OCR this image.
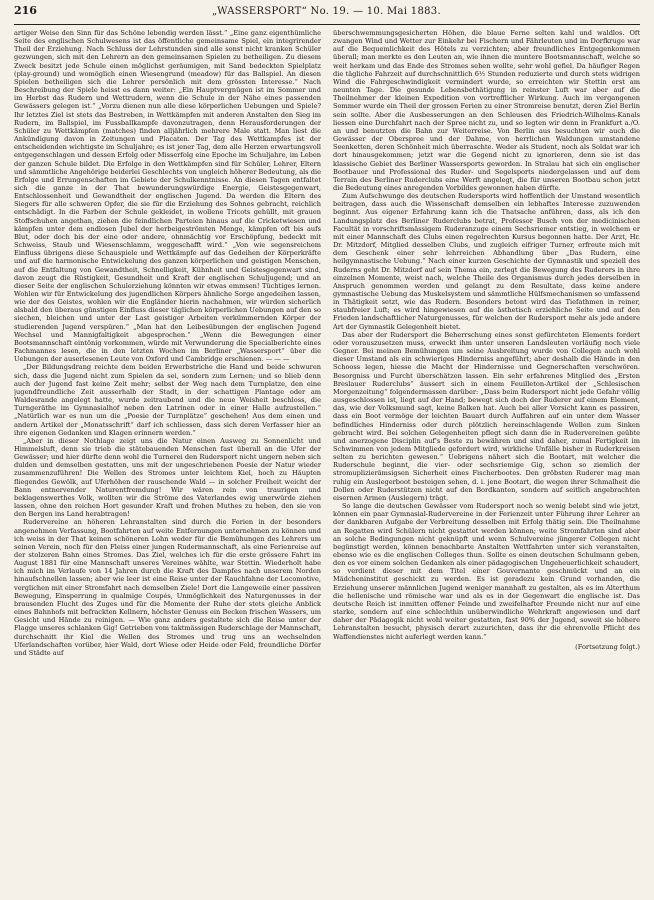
216	„WASSERSPORT“ No. 19. — 10. Mai 1883.

artiger Weise den Sinn für das Schöne lebendig werden lässt.“ „Eine ganz eigenthümliche Seite des englischen Schulwesens ist das öffentliche gemeinsame Spiel, ein integrirender Theil der Erziehung. Nach Schluss der Lehrstunden sind alle sonst nicht kranken Schüler gezwungen, sich mit den Lehrern an den gemeinsamen Spielen zu betheiligen. Zu diesem Zweck besitzt jede Schule einen möglichst geräumigen, mit Sand bedeckten Spielplatz (play-ground) und womöglich einen Wiesengrund (meadow) für das Ballspiel. An diesen Spielen betheiligen sich die Lehrer persönlich mit dem grössten Interesse.“ Nach Beschreibung der Spiele heisst es dann weiter: „Ein Hauptvergnügen ist im Sommer und im Herbst das Rudern und Wettrudern, wenn die Schule in der Nähe eines passenden Gewässers gelegen ist.“ „Vorzu dienen nun alle diese körperlichen Uebungen und Spiele? Ihr letztes Ziel ist stets das Bestreben, in Wettkämpfen mit anderen Anstalten den Sieg im Rudern, im Ballspiel, im Fussballkampfe davonzutragen, denn Herausforderungen der Schüler zu Wettkämpfen (matches) finden alljährlich mehrere Male statt. Man liest die Ankündigung davon in Zeitungen und Placaten. Der Tag des Wettkampfes ist der entscheidenden wichtigste im Schuljahre; es ist jener Tag, dem alle Herzen erwartungsvoll entgegenschlagen und dessen Erfolg oder Misserfolg eine Epoche im Schuljahre, im Leben der ganzen Schule bildet. Die Erfolge in den Wettkämpfen sind für Schüler, Lehrer, Eltern und sämmtliche Angehörige beiderlei Geschlechts von ungleich höherer Bedeutung, als die Erfolge und Errungenschaften im Gebiete der Schulkenntnisse. An diesen Tagen entfaltet sich die ganze in der That bewunderungswürdige Energie, Geistesgegenwart, Entschlossenheit und Gewandtheit der englischen Jugend. Da werden die Eltern des Siegers für alle schweren Opfer, die sie für die Erziehung des Sohnes gebracht, reichlich entschädigt. In die Farben der Schule gekleidet, in wollene Tricots gehüllt, mit grauen Stoffschuhen angethan, ziehen die feindlichen Parteien hinaus auf die Cricketwiesen und kämpfen unter dem endlosen Jubel der herbeigeströmten Menge, kämpfen oft bis aufs Blut, oder doch bis der eine oder andere, ohnmächtig vor Erschöpfung, bedeckt mit Schweiss, Staub und Wiesenschlamm, weggeschafft wird.“ „Von wie segensreichem Einfluss übrigens diese Schauspiele und Wettkämpfe auf das Gedeihen der Körperkräfte und auf die harmonische Entwickelung des ganzen körperlichen und geistigen Menschen, auf die Entfaltung von Gewandtheit, Schnelligkeit, Kühnheit und Geistesgegenwart sind, davon zeugt die Rüstigkeit, Gesundheit und Kraft der englischen Schuljugend; und an dieser Seite der englischen Schulerziehung könnten wir etwas emmsen! Tüchtiges lernen. Wohlen wir für Entwickelung des jugendlichen Körpers ähnliche Sorge angedeihen lassen, wie der des Geistes, wohlen wir die Engländer hierin nachahmen, wir würden sicherlich alsbald den überaus günstigen Einfluss dieser täglichen körperlichen Uebungen auf den so siechen, bleichen und unter der Last geistiger Arbeiten verkümmernden Körper der studierenden Jugend verspüren.“ „Man hat den Leibesübungen der englischen Jugend Wechsel und Mannigfaltigkeit abgesprochen.“ „Wenn die Bewegungen einer Bootsmannschaft eintönig vorkommen, würde mit Verwunderung die Specialberichte eines Fachmannes lesen, die in den letzten Wochen im Berliner „Wassersport“ über die Uebungen der auserlesenen Leute von Oxford und Cambridge erschienen. — — —

„Der Bildungsdrang reichte dem beiden Erwerbstriche die Hand und beide schwuren sich, dass die Jugend nicht zum Spielen da sei, sondern zum Lernen; und so blieb denn auch der Jugend fast keine Zeit mehr; selbst der Weg nach dem Turnplatze, den eine jugendfreundliche Zeit ausserhalb der Stadt, in der schattigen Plantage oder am Waldesrande angelegt hatte, wurde zeitraubend und die neue Weisheit beschloss, die Turngeräthe im Gymnasialhof neben den Latrinen oder in einer Halle aufzustellen.“ „Natürlich war es nun um die „Poesie der Turnplätze“ geschehen! Aus dem einen und andern Artikel der „Monatsschrift“ darf ich schliessen, dass sich deren Verfasser hier an ihre eigenen Gedanken und Klagen erinnern werden.“

„Aber in dieser Nothlage zeigt uns die Natur einen Ausweg zu Sonnenlicht und Himmelsluft, denn sie trieb die stätebauenden Menschen fast überall an die Ufer der Gewässer; und hier dürfte denn wohl die Turnerei den Rudersport nicht ungern neben sich dulden und demselben gestatten, uns mit der ungeschriebenen Poesie der Natur wieder zusammenzuführen! Die Wellen des Stromes unter leichtem Kiel, hoch zu Häupten fliegendes Gewölk, auf Uferhöhen der rauschende Wald — in solcher Freiheit weicht der Bann entnervender Naturentfremdung! Wir wären rein von traurigen und beklagenswerthes Volk, wollten wir die Ströme des Vaterlandes ewig unerwürde ziehen lassen, ohne den reichen Hort gesunder Kraft und frohen Muthes zu heben, den sie von den Bergen ins Land herabtragen!

Rudervereine an höheren Lehranstalten sind durch die Ferien in der besonders angenehmen Verfassung, Bootfahrten auf weite Entfernungen unternehmen zu können und ich weiss in der That keinen schöneren Lohn weder für die Bemühungen des Lehrers um seinen Verein, noch für den Fleiss einer jungen Rudermannschaft, als eine Ferienreise auf der stolzeren Bahn eines Stromes. Das Ziel, welches ich für die erste grössere Fahrt im August 1881 für eine Mannschaft unseres Vereines wählte, war Stettin. Wiederholt habe ich mich im Verlaufe von 14 Jahren durch die Kraft des Dampfes nach unserem Norden hinaufschnellen lassen; aber wie leer ist eine Reise unter der Rauchfahne der Locomotive, verglichen mit einer Stromfahrt nach demselben Ziele! Dort die Langeweile einer passiven Bewegung, Einsperrung in qualmige Coupés, Unmöglichkeit des Naturgenusses in der brausenden Flucht des Zuges und für die Momente der Ruhe der stets gleiche Anblick eines Bahnhofs mit befrackten Kellnern, höchster Genuss ein Becken frischen Wassers, um Gesicht und Hände zu reinigen. — Wie ganz anders gestaltete sich die Reise unter der Flagge unseres schlanken Gig! Getrieben vom taktmässigen Ruderschlage der Mannschaft, durchschnitt ihr Kiel die Wellen des Stromes und trug uns an wechselnden Uferlandschaften vorüber, hier Wald, dort Wiese oder Heide oder Feld, freundliche Dörfer und Städte auf

überschwemmungsgesicherten Höhen, die blaue Ferne selten kahl und waldlos. Oft zwangen Wind und Wetter zur Einkehr bei Fischern und Fährleuten und im Dorfkruge war auf die Bequemlichkeit des Hôtels zu verzichten; aber freundliches Entgegenkommen überall; man merkte es den Leuten an, wie ihnen die muntere Bootsmannschaft, welche so weit herkam und das Ende des Stromes sehen wollte, sehr wohl gefiel. Da häufiger Regen die tägliche Fahrzeit auf durchschnittlich 6½ Stunden reduzierte und durch stets widrigen Wind die Fahrgeschwindigkeit vermindert wurde, so erreichten wir Stettin erst am neunten Tage. Die gesunde Lebensbethätigung in reinster Luft war aber auf die Theilnehmer der kleinen Expedition von vortrefflicher Wirkung. Auch im vergangenen Sommer wurde ein Theil der grossen Ferien zu einer Stromreise benutzt, deren Ziel Berlin sein sollte. Aber die Ausbesserungen an den Schleusen des Friedrich-Wilhelms-Kanals liessen eine Durchfahrt nach der Spree nicht zu, und so legten wir denn in Frankfurt a./O. an und benutzten die Bahn zur Weiterreise. Von Berlin aus besuchten wir auch die Gewässer der Oberspree und der Dahme, von herrlichen Waldungen umstandene Seenketten, deren Schönheit mich überraschte. Weder als Student, noch als Soldat war ich dort hinausgekommen; jetzt war die Gegend nicht zu ignorieren, denn sie ist das klassische Gebiet des Berliner Wassersports geworden. In Stralau hat sich ein englischer Bootbauer und Professional des Ruder- und Segelsports niedergelassen und auf dem Terrain des Berliner Ruderclubs eine Werft angelegt, die für unseren Bootbau schon jetzt die Bedeutung eines anregenden Vorbildes gewonnen haben dürfte.

Zum Aufschwunge des deutschen Rudersports wird hoffentlich der Umstand wesentlich beitragen, dass auch die Wissenschaft demselben ein lebhaftes Interesse zuzuwenden beginnt. Aus eigener Erfahrung kann ich die Thatsache anführen, dass, als ich den Landungsplatz des Berliner Ruderclubs betrat, Professor Busch von der medicinischen Facultät in vorschriftsmässigem Ruderanzuge einem Sechsriemer entstieg, in welchem er mit einer Mannschaft des Clubs einen regelrechten Kursus begonnen hatte. Der Arzt, Hr. Dr. Mitzdorf, Mitglied desselben Clubs, und zugleich eifriger Turner, erfreute mich mit dem Geschenk einer sehr lehrreichen Abhandlung über „Das Rudern, eine heilgymnastische Uebung.“ Nach einer kurzen Geschichte der Gymnastik und speziell des Ruderns geht Dr. Mitzdorf auf sein Thema ein, zerlegt die Bewegung des Ruderers in ihre einzelnen Momente, weist nach, welche Theile des Organismus durch jedes derselben in Anspruch genommen werden und gelangt zu dem Resultate, dass keine andere gymnastische Uebung das Muskelsystem und sämmtliche Hülfsmechanismen so umfassend in Thätigkeit setzt, wie das Rudern. Besonders betont wird das Tiefathmen in reiner, staubfreier Luft; es wird hingewiesen auf die ästhetisch erziehliche Seite und auf den Frieden landschaftlicher Naturgenusses, für welchen der Rudersport mehr als jede andere Art der Gymnastik Gelegenheit bietet.

Das aber der Rudersport die Beherrschung eines sonst gefürchteten Elements fordert oder vorauszusetzen muss, erweckt ihm unter unseren Landsleuten vorläufig noch viele Gegner. Bei meinen Bemühungen um seine Ausbreitung wurde von Collegen auch wohl dieser Umstand als ein schwieriges Hinderniss angeführt; aber deshalb die Hände in den Schooss legen, hiesse die Macht der Hindernisse und Gegnerschaften verschwören. Besorgniss und Furcht überschätzen lassen. Ein sehr erfahrenes Mitglied des „Ersten Breslauer Ruderclubs“ äussert sich in einem Feuilleton-Artikel der „Schlesischen Morgenzeitung“ folgendermassen darüber: „Dass beim Rudersport nicht jede Gefahr völlig ausgeschlossen ist, liegt auf der Hand; bewegt sich doch der Ruderer auf einem Element, das, wie der Volksmund sagt, keine Balken hat. Auch bei aller Vorsicht kann es passiren, dass ein Boot vermöge der leichten Bauart durch Auffahren auf ein unter dem Wasser befindliches Hinderniss oder durch plötzlich hereinschlagende Wellen zum Sinken gebracht wird. Bei solchen Gelegenheiten pflegt sich dann die in Rudervereinen geübte und anerzogene Disciplin auf's Beste zu bewähren und sind daher, zumal Fertigkeit im Schwimmen von jedem Mitgliede gefordert wird, wirkliche Unfälle bisher in Ruderkreisen selten zu berichten gewesen.“ Uebrigens nähert sich die Bootart, mit welcher die Ruderschule beginnt, die vier- oder sechsriemige Gig, schon so ziemlich der stromuplizierämsigsen Sicherheit eines Fischerbootes. Den gröbsten Ruderer mag man ruhig ein Auslegerboot besteigen sehen, d. i. jene Bootart, die wegen ihrer Schmalheit die Dollen oder Ruderstützen nicht auf den Bordkanten, sondern auf seitlich angebrachten eisernen Armen (Auslegern) trägt.

So lange die deutschen Gewässer vom Rudersport noch so wenig belebt sind wie jetzt, können ein paar Gymnasial-Rudervereine in der Ferienzeit unter Führung ihrer Lehrer an der dankbaren Aufgabe der Verbreitung desselben mit Erfolg thätig sein. Die Theilnahme an Regatten wird Schülern nicht gestattet werden können; weite Stromfahrten sind aber an solche Bedingungen nicht geknüpft und wenn Schulvereine jüngerer Collegen nicht begünstigt werden, können benachbarte Anstalten Wettfahrten unter sich veranstalten, ebenso wie es die englischen Colleges thun. Sollte es einen deutschen Schulmann geben, den es vor einem solchen Gedanken als einer pädagogischen Ungeheuerlichkeit schaudert, so verdient dieser mit dem Titel einer Gouvernante geschmückt und an ein Mädcheninstitut geschickt zu werden. Es ist geradezu kein Grund vorhanden, die Erziehung unserer männlichen Jugend weniger mannhaft zu gestalten, als es im Alterthum die hellenische und römische war und als es in der Gegenwart die englische ist. Das deutsche Reich ist inmitten offener Feinde und zweifelhafter Freunde nicht nur auf eine starke, sondern auf eine schlechthin unüberwindliche Wehrkraft angewiesen und darf daher der Pädagogik nicht wohl weiter gestatten, fast 90% der Jugend, soweit sie höhere Lehranstalten besucht, physisch derart zuzurichten, dass ihr die ehrenvolle Pflicht des Waffendienstes nicht auferlegt werden kann.“

(Fortsetzung folgt.)
